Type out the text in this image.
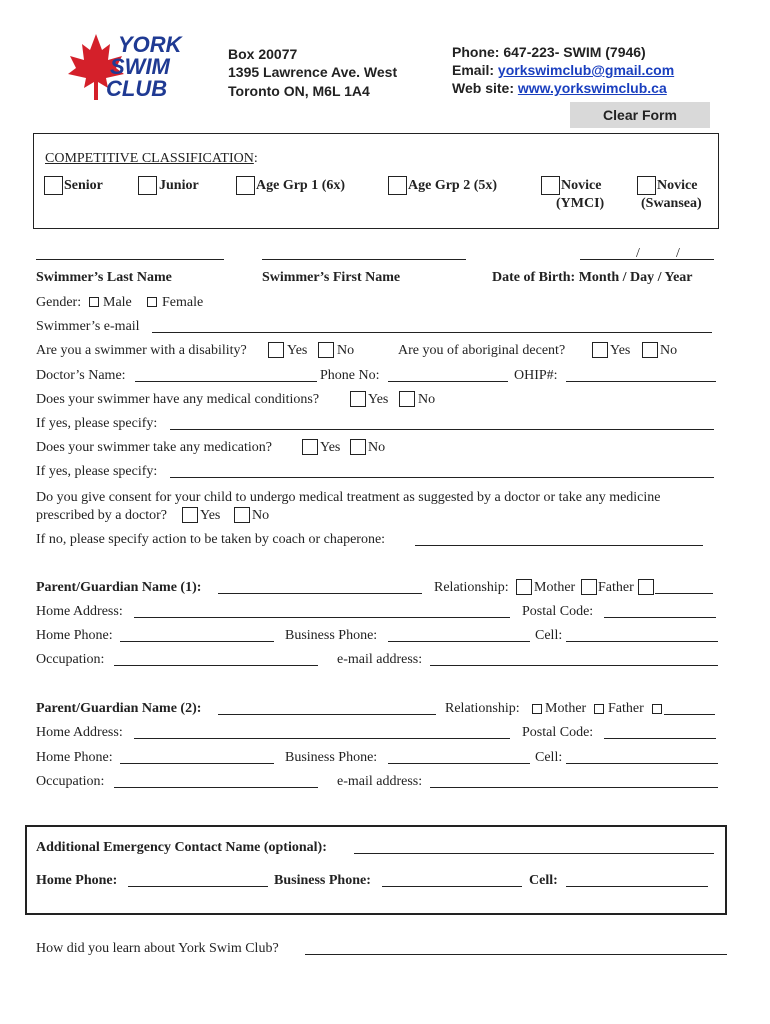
YORK
SWIM
CLUB
Box 20077
1395 Lawrence Ave. West
Toronto ON, M6L 1A4
Phone: 647-223- SWIM (7946)
Email: yorkswimclub@gmail.com
Web site: www.yorkswimclub.ca
Clear Form
COMPETITIVE CLASSIFICATION:
Senior	Junior	Age Grp 1 (6x)	Age Grp 2 (5x)	Novice
(YMCI)
Novice
(Swansea)
/	/
Swimmer’s Last Name	Swimmer’s First Name	Date of Birth: Month / Day / Year
Gender: Male Female
Swimmer’s e-mail
Are you a swimmer with a disability?	Yes No	Are you of aboriginal decent?	Yes No
Doctor’s Name:	Phone No:	OHIP#:
Does your swimmer have any medical conditions?	Yes No
If yes, please specify:
Does your swimmer take any medication?	Yes No
If yes, please specify:
Do you give consent for your child to undergo medical treatment as suggested by a doctor or take any medicine
prescribed by a doctor? Yes No
If no, please specify action to be taken by coach or chaperone:
Parent/Guardian Name (1):	Relationship: Mother Father
Home Address:	Postal Code:
Home Phone:	Business Phone:	Cell:
Occupation:	e-mail address:
Parent/Guardian Name (2):	Relationship: Mother Father
Home Address:	Postal Code:
Home Phone:	Business Phone:	Cell:
Occupation:	e-mail address:
Additional Emergency Contact Name (optional):
Home Phone:	Business Phone:	Cell:
How did you learn about York Swim Club?
